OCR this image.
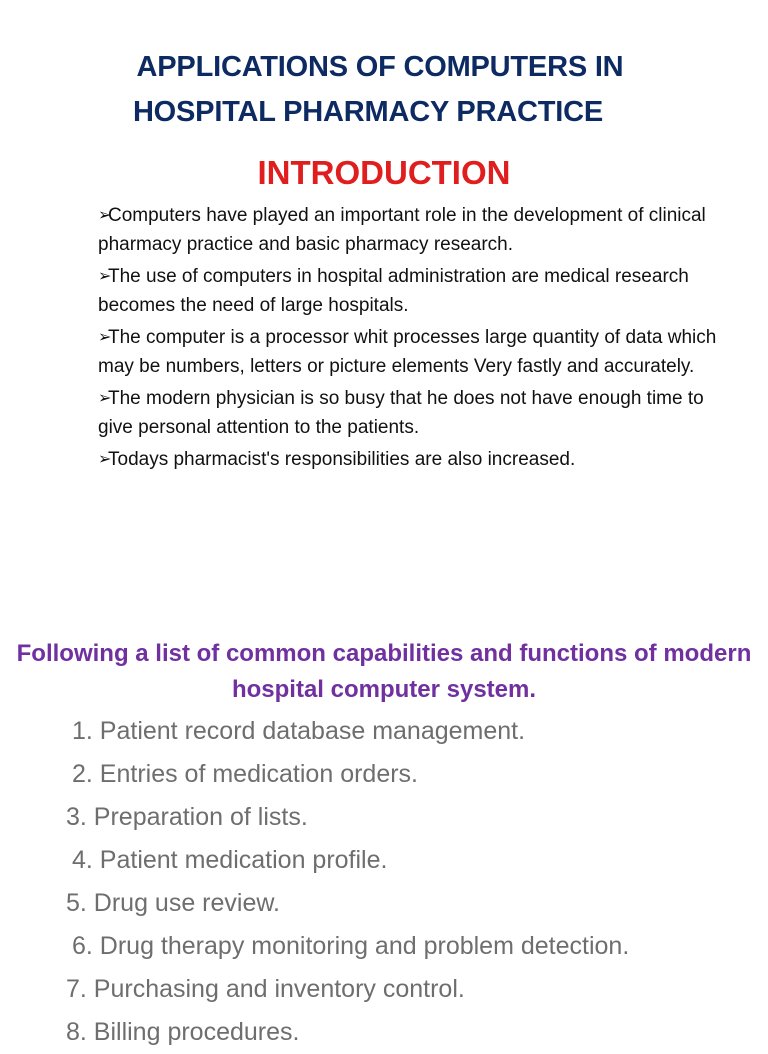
APPLICATIONS OF COMPUTERS IN
HOSPITAL PHARMACY PRACTICE
INTRODUCTION
➢Computers have played an important role in the development of clinical pharmacy practice and basic pharmacy research.
➢The use of computers in hospital administration are medical research becomes the need of large hospitals.
➢The computer is a processor whit processes large quantity of data which may be numbers, letters or picture elements Very fastly and accurately.
➢The modern physician is so busy that he does not have enough time to give personal attention to the patients.
➢Todays pharmacist's responsibilities are also increased.
Following a list of common capabilities and functions of modern hospital computer system.
1. Patient record database management.
2. Entries of medication orders.
3. Preparation of lists.
4. Patient medication profile.
5. Drug use review.
6. Drug therapy monitoring and problem detection.
7. Purchasing and inventory control.
8. Billing procedures.
